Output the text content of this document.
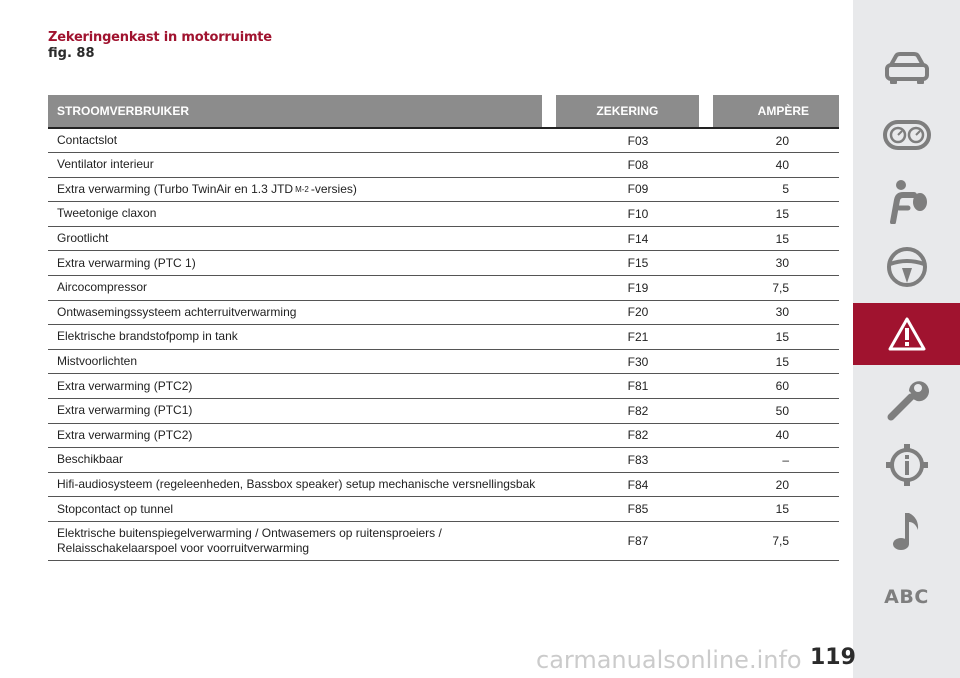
Zekeringenkast in motorruimte
fig. 88
STROOMVERBRUIKER	ZEKERING	AMPÈRE
Contactslot	F03	20
Ventilator interieur	F08	40
Extra verwarming (Turbo TwinAir en 1.3 JTD M-2 -versies)	F09	5
Tweetonige claxon	F10	15
Grootlicht	F14	15
Extra verwarming (PTC 1)	F15	30
Aircocompressor	F19	7,5
Ontwasemingssysteem achterruitverwarming	F20	30
Elektrische brandstofpomp in tank	F21	15
Mistvoorlichten	F30	15
Extra verwarming (PTC2)	F81	60
Extra verwarming (PTC1)	F82	50
Extra verwarming (PTC2)	F82	40
Beschikbaar	F83	–
Hifi-audiosysteem (regeleenheden, Bassbox speaker) setup mechanische versnellingsbak	F84	20
Stopcontact op tunnel	F85	15
Elektrische buitenspiegelverwarming / Ontwasemers op ruitensproeiers /
Relaisschakelaarspoel voor voorruitverwarming	F87	7,5
ABC
119
carmanualsonline.info
